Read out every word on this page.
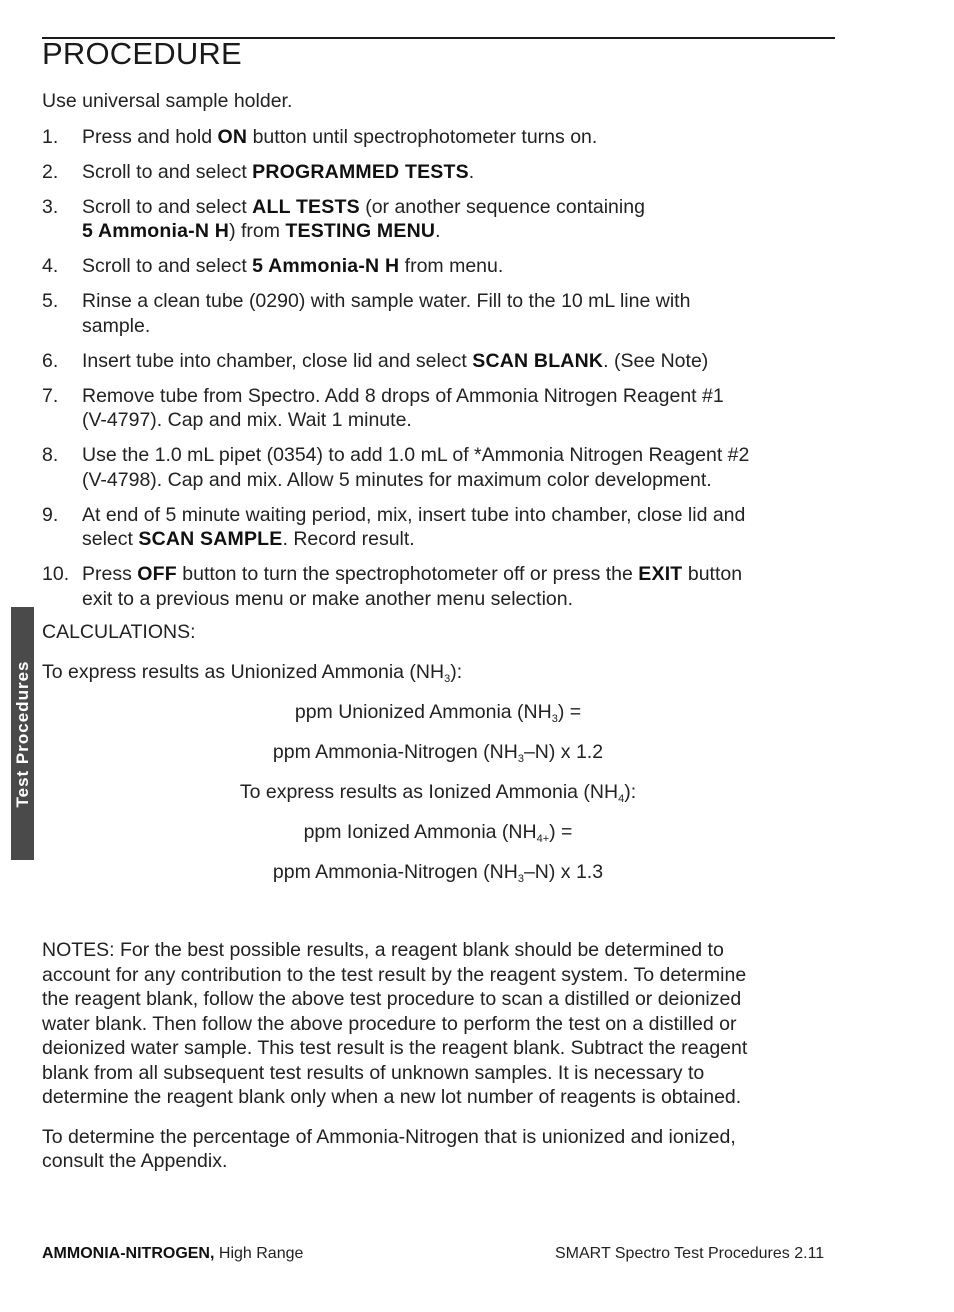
PROCEDURE

Use universal sample holder.

1. Press and hold ON button until spectrophotometer turns on.
2. Scroll to and select PROGRAMMED TESTS.
3. Scroll to and select ALL TESTS (or another sequence containing
5 Ammonia-N H) from TESTING MENU.
4. Scroll to and select 5 Ammonia-N H from menu.
5. Rinse a clean tube (0290) with sample water. Fill to the 10 mL line with
sample.
6. Insert tube into chamber, close lid and select SCAN BLANK. (See Note)
7. Remove tube from Spectro. Add 8 drops of Ammonia Nitrogen Reagent #1
(V-4797). Cap and mix. Wait 1 minute.
8. Use the 1.0 mL pipet (0354) to add 1.0 mL of *Ammonia Nitrogen Reagent #2
(V-4798). Cap and mix. Allow 5 minutes for maximum color development.
9. At end of 5 minute waiting period, mix, insert tube into chamber, close lid and
select SCAN SAMPLE. Record result.
10. Press OFF button to turn the spectrophotometer off or press the EXIT button
exit to a previous menu or make another menu selection.

CALCULATIONS:

To express results as Unionized Ammonia $(NH_3)$:

ppm Unionized Ammonia $(NH_3)$ =

ppm Ammonia-Nitrogen $(NH_3-N)$ x 1.2

To express results as Ionized Ammonia $(NH_4)$:

ppm Ionized Ammonia $(NH_{4+})$ =

ppm Ammonia-Nitrogen $(NH_3-N)$ x 1.3

NOTES: For the best possible results, a reagent blank should be determined to
account for any contribution to the test result by the reagent system. To determine
the reagent blank, follow the above test procedure to scan a distilled or deionized
water blank. Then follow the above procedure to perform the test on a distilled or
deionized water sample. This test result is the reagent blank. Subtract the reagent
blank from all subsequent test results of unknown samples. It is necessary to
determine the reagent blank only when a new lot number of reagents is obtained.

To determine the percentage of Ammonia-Nitrogen that is unionized and ionized,
consult the Appendix.

Test Procedures
AMMONIA-NITROGEN, High Range	SMART Spectro Test Procedures 2.11
